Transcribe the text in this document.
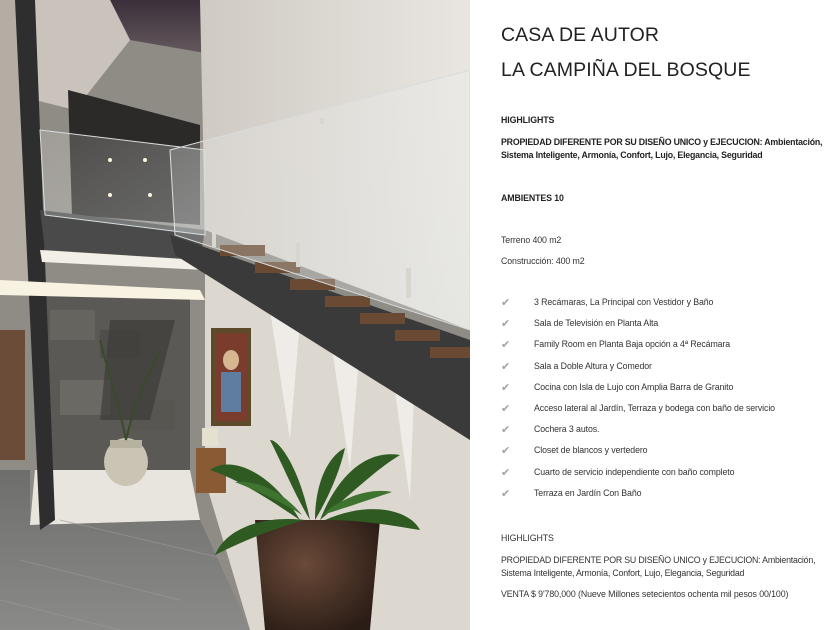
CASA DE AUTOR
LA CAMPIÑA DEL BOSQUE
HIGHLIGHTS
PROPIEDAD DIFERENTE POR SU DISEÑO UNICO y EJECUCION: Ambientación,
Sistema Inteligente, Armonía, Confort, Lujo, Elegancia, Seguridad
AMBIENTES 10
Terreno 400 m2
Construcción: 400 m2
✔	3 Recámaras, La Principal con Vestidor y Baño
✔	Sala de Televisión en Planta Alta
✔	Family Room en Planta Baja opción a 4ª Recámara
✔	Sala a Doble Altura y Comedor
✔	Cocina con Isla de Lujo con Amplia Barra de Granito
✔	Acceso lateral al Jardín, Terraza y bodega con baño de servicio
✔	Cochera 3 autos.
✔	Closet de blancos y vertedero
✔	Cuarto de servicio independiente con baño completo
✔	Terraza en Jardín Con Baño
HIGHLIGHTS
PROPIEDAD DIFERENTE POR SU DISEÑO UNICO y EJECUCION: Ambientación,
Sistema Inteligente, Armonía, Confort, Lujo, Elegancia, Seguridad
VENTA $ 9'780,000 (Nueve Millones setecientos ochenta mil pesos 00/100)
